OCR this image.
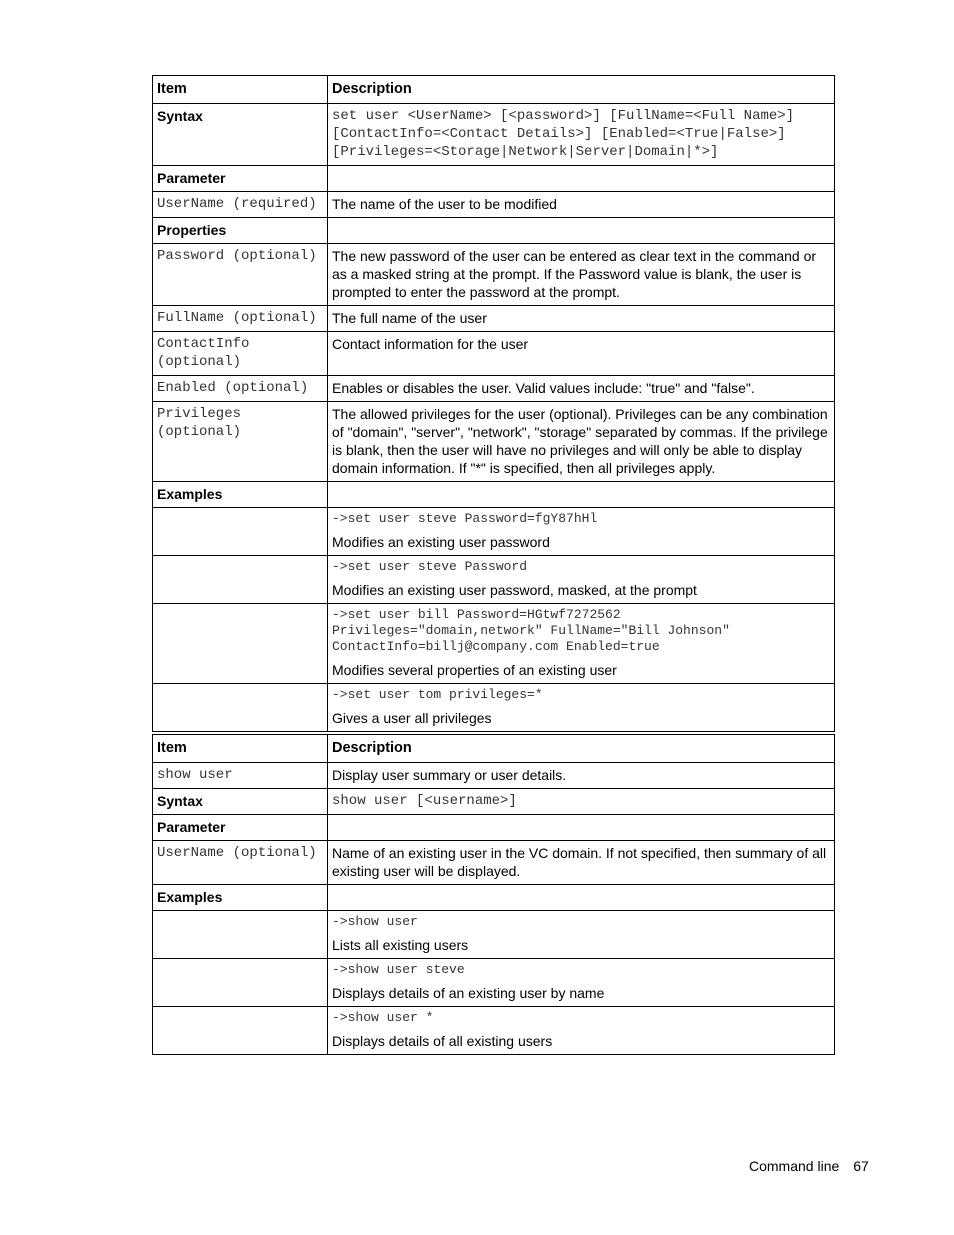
Item	Description
Syntax	set user <UserName> [<password>] [FullName=<Full Name>]
[ContactInfo=<Contact Details>] [Enabled=<True|False>]
[Privileges=<Storage|Network|Server|Domain|*>]
Parameter	
UserName (required)	The name of the user to be modified
Properties	
Password (optional)	The new password of the user can be entered as clear text in the command or as a masked string at the prompt. If the Password value is blank, the user is prompted to enter the password at the prompt.
FullName (optional)	The full name of the user
ContactInfo
(optional)	Contact information for the user
Enabled (optional)	Enables or disables the user. Valid values include: "true" and "false".
Privileges
(optional)	The allowed privileges for the user (optional). Privileges can be any combination of "domain", "server", "network", "storage" separated by commas. If the privilege is blank, then the user will have no privileges and will only be able to display domain information. If "*" is specified, then all privileges apply.
Examples	

	->set user steve Password=fgY87hHl
Modifies an existing user password

	->set user steve Password
Modifies an existing user password, masked, at the prompt

	->set user bill Password=HGtwf7272562
Privileges="domain,network" FullName="Bill Johnson"
ContactInfo=billj@company.com Enabled=true
Modifies several properties of an existing user

	->set user tom privileges=*
Gives a user all privileges
Item	Description
show user	Display user summary or user details.
Syntax	show user [<username>]
Parameter	
UserName (optional)	Name of an existing user in the VC domain. If not specified, then summary of all existing user will be displayed.
Examples	

	->show user
Lists all existing users

	->show user steve
Displays details of an existing user by name

	->show user *
Displays details of all existing users
Command line 67
